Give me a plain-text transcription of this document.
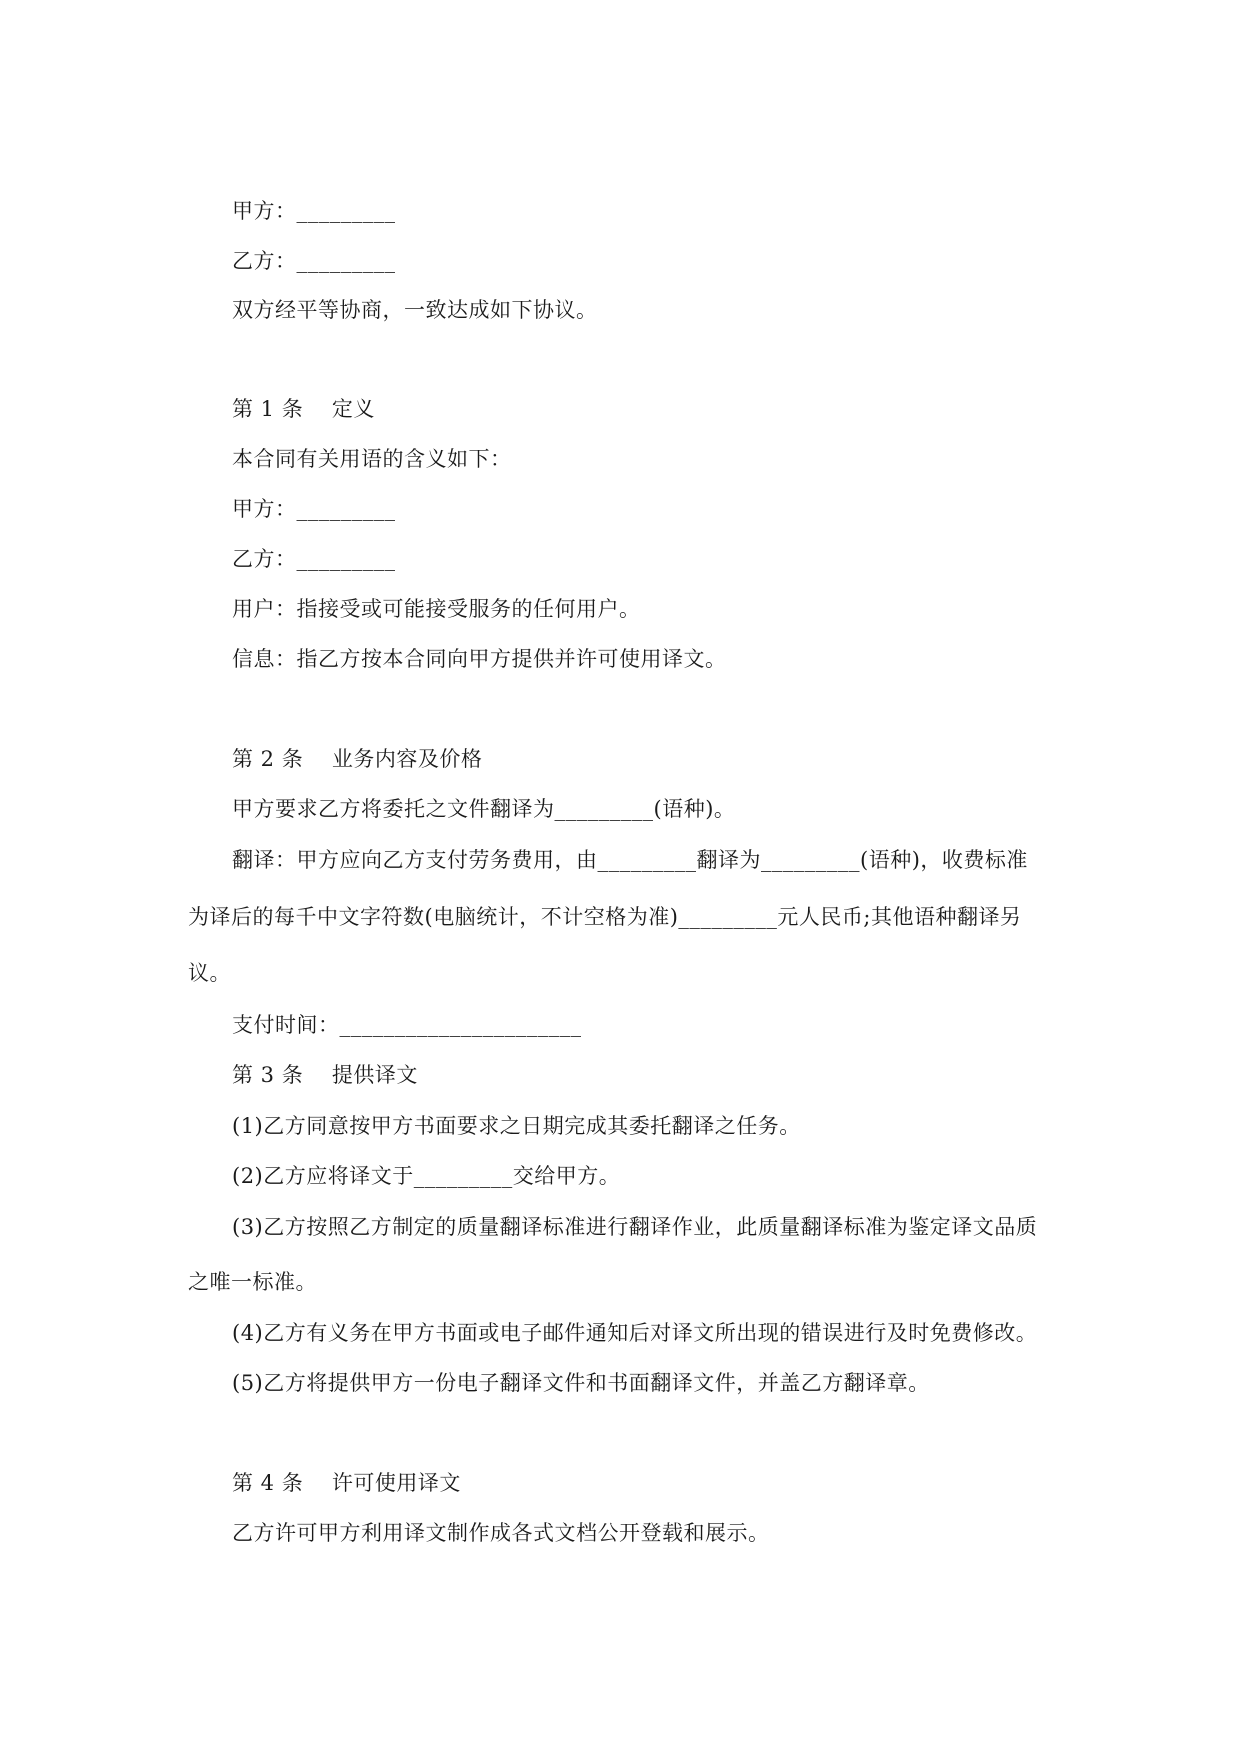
甲方：_________
乙方：_________
双方经平等协商，一致达成如下协议。
第 1 条　 定义
本合同有关用语的含义如下：
甲方：_________
乙方：_________
用户：指接受或可能接受服务的任何用户。
信息：指乙方按本合同向甲方提供并许可使用译文。
第 2 条　 业务内容及价格
甲方要求乙方将委托之文件翻译为_________(语种)。
翻译：甲方应向乙方支付劳务费用，由_________翻译为_________(语种)，收费标准
为译后的每千中文字符数(电脑统计，不计空格为准)_________元人民币;其他语种翻译另
议。
支付时间：______________________
第 3 条　 提供译文
(1)乙方同意按甲方书面要求之日期完成其委托翻译之任务。
(2)乙方应将译文于_________交给甲方。
(3)乙方按照乙方制定的质量翻译标准进行翻译作业，此质量翻译标准为鉴定译文品质
之唯一标准。
(4)乙方有义务在甲方书面或电子邮件通知后对译文所出现的错误进行及时免费修改。
(5)乙方将提供甲方一份电子翻译文件和书面翻译文件，并盖乙方翻译章。
第 4 条　 许可使用译文
乙方许可甲方利用译文制作成各式文档公开登载和展示。
